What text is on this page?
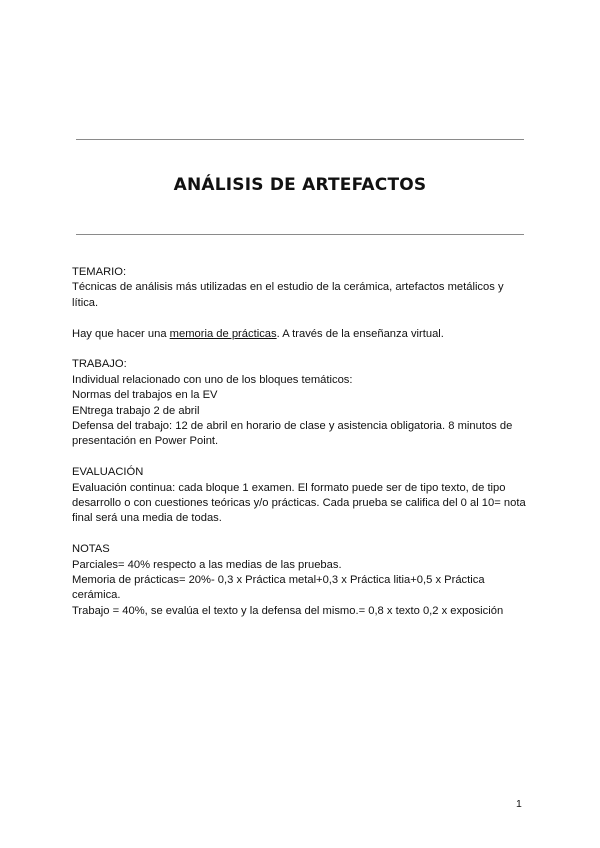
ANÁLISIS DE ARTEFACTOS
TEMARIO:
Técnicas de análisis más utilizadas en el estudio de la cerámica, artefactos metálicos y lítica.
Hay que hacer una memoria de prácticas. A través de la enseñanza virtual.
TRABAJO:
Individual relacionado con uno de los bloques temáticos:
Normas del trabajos en la EV
ENtrega trabajo 2 de abril
Defensa del trabajo: 12 de abril en horario de clase y asistencia obligatoria. 8 minutos de presentación en Power Point.
EVALUACIÓN
Evaluación continua: cada bloque 1 examen. El formato puede ser de tipo texto, de tipo desarrollo o con cuestiones teóricas y/o prácticas. Cada prueba se califica del 0 al 10= nota final será una media de todas.
NOTAS
Parciales= 40% respecto a las medias de las pruebas.
Memoria de prácticas= 20%- 0,3 x Práctica metal+0,3 x Práctica litia+0,5 x Práctica cerámica.
Trabajo = 40%, se evalúa el texto y la defensa del mismo.= 0,8 x texto 0,2 x exposición
1
